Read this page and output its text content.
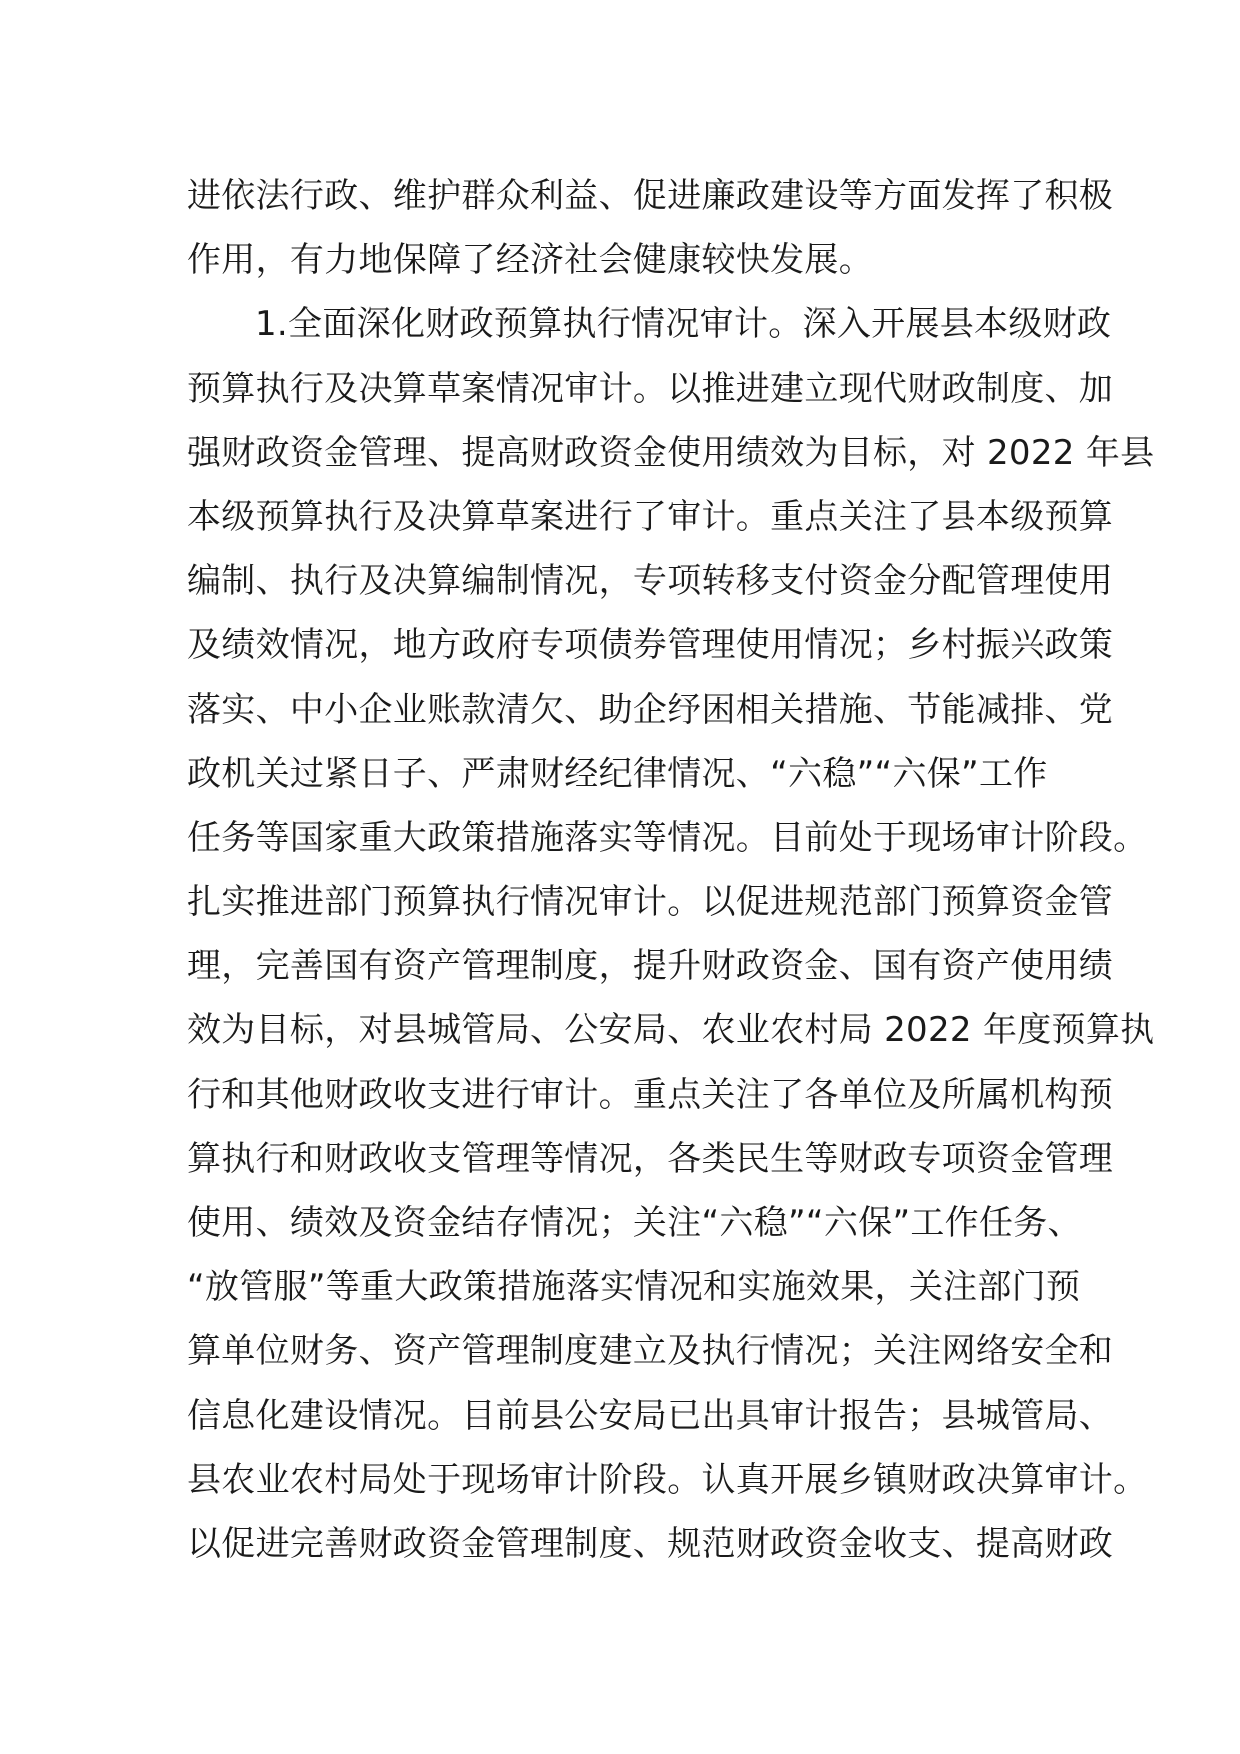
进依法行政、维护群众利益、促进廉政建设等方面发挥了积极
作用，有力地保障了经济社会健康较快发展。
1.全面深化财政预算执行情况审计。深入开展县本级财政
预算执行及决算草案情况审计。以推进建立现代财政制度、加
强财政资金管理、提高财政资金使用绩效为目标，对 2022 年县
本级预算执行及决算草案进行了审计。重点关注了县本级预算
编制、执行及决算编制情况，专项转移支付资金分配管理使用
及绩效情况，地方政府专项债券管理使用情况；乡村振兴政策
落实、中小企业账款清欠、助企纾困相关措施、节能减排、党
政机关过紧日子、严肃财经纪律情况、“六稳”“六保”工作
任务等国家重大政策措施落实等情况。目前处于现场审计阶段。
扎实推进部门预算执行情况审计。以促进规范部门预算资金管
理，完善国有资产管理制度，提升财政资金、国有资产使用绩
效为目标，对县城管局、公安局、农业农村局 2022 年度预算执
行和其他财政收支进行审计。重点关注了各单位及所属机构预
算执行和财政收支管理等情况，各类民生等财政专项资金管理
使用、绩效及资金结存情况；关注“六稳”“六保”工作任务、
“放管服”等重大政策措施落实情况和实施效果，关注部门预
算单位财务、资产管理制度建立及执行情况；关注网络安全和
信息化建设情况。目前县公安局已出具审计报告；县城管局、
县农业农村局处于现场审计阶段。认真开展乡镇财政决算审计。
以促进完善财政资金管理制度、规范财政资金收支、提高财政
